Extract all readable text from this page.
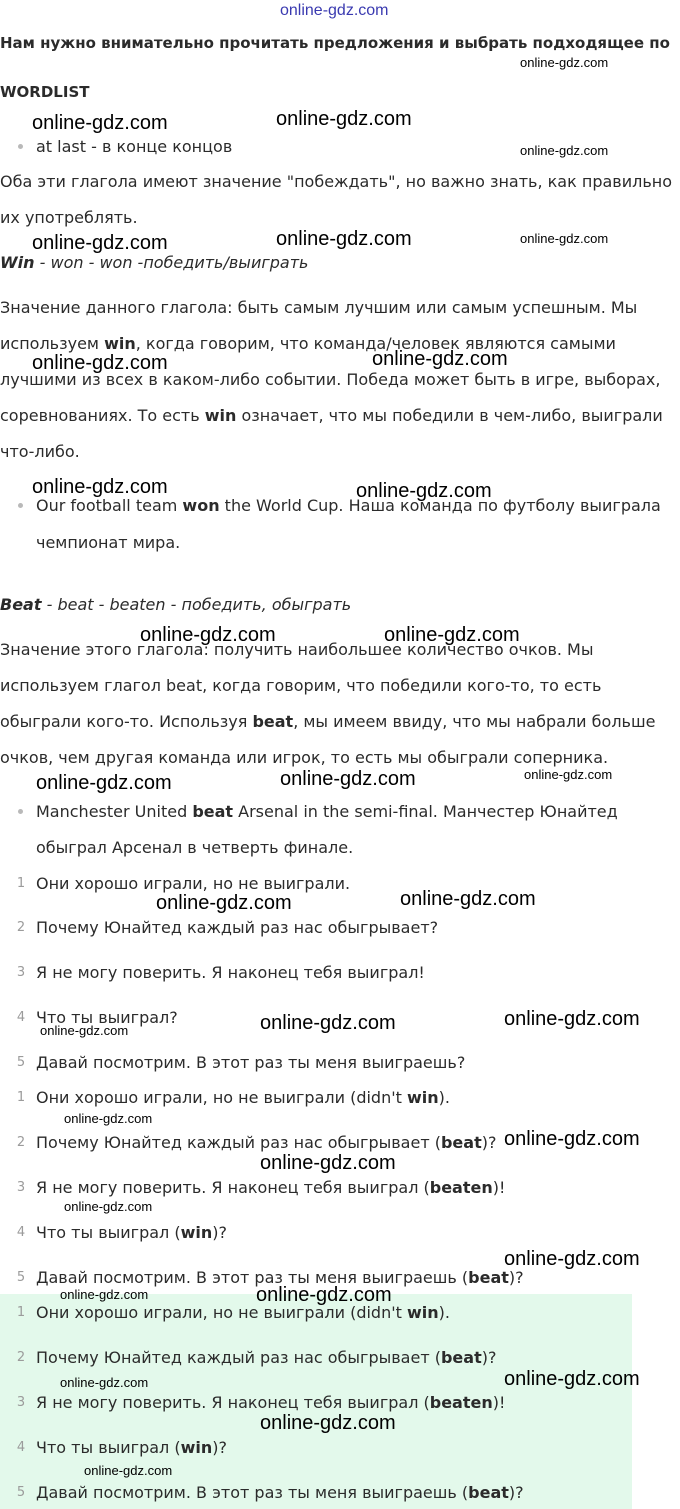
online-gdz.com
Нам нужно внимательно прочитать предложения и выбрать подходящее по
WORDLIST
at last - в конце концов
Оба эти глагола имеют значение "побеждать", но важно знать, как правильно
их употреблять.
Win - won - won -победить/выиграть
Значение данного глагола: быть самым лучшим или самым успешным. Мы
используем win, когда говорим, что команда/человек являются самыми
лучшими из всех в каком-либо событии. Победа может быть в игре, выборах,
соревнованиях. То есть win означает, что мы победили в чем-либо, выиграли
что-либо.
Our football team won the World Cup. Наша команда по футболу выиграла
чемпионат мира.
Beat - beat - beaten - победить, обыграть
Значение этого глагола: получить наибольшее количество очков. Мы
используем глагол beat, когда говорим, что победили кого-то, то есть
обыграли кого-то. Используя beat, мы имеем ввиду, что мы набрали больше
очков, чем другая команда или игрок, то есть мы обыграли соперника.
Manchester United beat Arsenal in the semi-final. Манчестер Юнайтед
обыграл Арсенал в четверть финале.
1 Они хорошо играли, но не выиграли.
2 Почему Юнайтед каждый раз нас обыгрывает?
3 Я не могу поверить. Я наконец тебя выиграл!
4 Что ты выиграл?
5 Давай посмотрим. В этот раз ты меня выиграешь?
1 Они хорошо играли, но не выиграли (didn't win).
2 Почему Юнайтед каждый раз нас обыгрывает (beat)?
3 Я не могу поверить. Я наконец тебя выиграл (beaten)!
4 Что ты выиграл (win)?
5 Давай посмотрим. В этот раз ты меня выиграешь (beat)?
1 Они хорошо играли, но не выиграли (didn't win).
2 Почему Юнайтед каждый раз нас обыгрывает (beat)?
3 Я не могу поверить. Я наконец тебя выиграл (beaten)!
4 Что ты выиграл (win)?
5 Давай посмотрим. В этот раз ты меня выиграешь (beat)?
online-gdz.com
online-gdz.com	online-gdz.com
online-gdz.com
online-gdz.com	online-gdz.com	online-gdz.com
online-gdz.com	online-gdz.com
online-gdz.com	online-gdz.com
online-gdz.com	online-gdz.com
online-gdz.com	online-gdz.com	online-gdz.com
online-gdz.com	online-gdz.com
online-gdz.com	online-gdz.com	online-gdz.com
online-gdz.com
online-gdz.com
online-gdz.com
online-gdz.com
online-gdz.com
online-gdz.com	online-gdz.com
online-gdz.com	online-gdz.com
online-gdz.com
online-gdz.com
